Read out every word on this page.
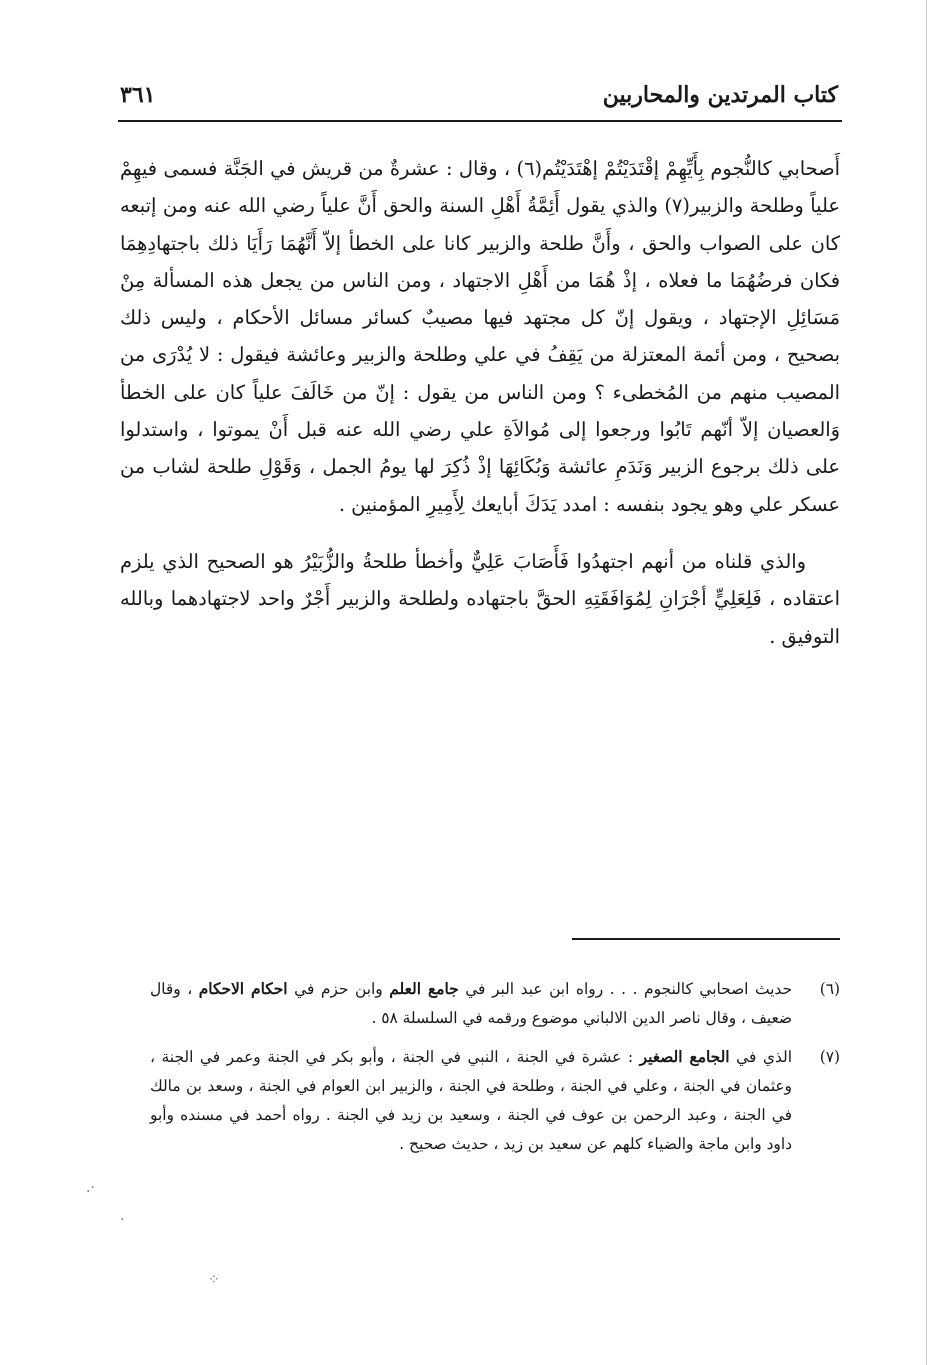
كتاب المرتدين والمحاربين
٣٦١

أَصحابي كالنُّجوم بِأَيِّهِمْ إقْتَدَيْتُمْ إهْتَدَيْتُم(٦) ، وقال : عشرةٌ من قريش في الجَنَّة فسمى فيهِمْ علياً وطلحة والزبير(٧) والذي يقول أَئِمَّةُ أَهْلِ السنة والحق أَنَّ علياً رضي الله عنه ومن إتبعه كان على الصواب والحق ، وأَنَّ طلحة والزبير كانا على الخطأ إلاّ أَنَّهُمَا رَأَيَا ذلك باجتهادِهِمَا فكان فرضُهُمَا ما فعلاه ، إذْ هُمَا من أَهْلِ الاجتهاد ، ومن الناس من يجعل هذه المسألة مِنْ مَسَائِلِ الإجتهاد ، ويقول إنّ كل مجتهد فيها مصيبٌ كسائر مسائل الأحكام ، وليس ذلك بصحيح ، ومن أئمة المعتزلة من يَقِفُ في علي وطلحة والزبير وعائشة فيقول : لا يُدْرَى من المصيب منهم من المُخطىء ؟ ومن الناس من يقول : إنّ من خَالَفَ علياً كان على الخطأ وَالعصيان إلاّ أنّهم تَابُوا ورجعوا إلى مُوالاَةِ علي رضي الله عنه قبل أَنْ يموتوا ، واستدلوا على ذلك برجوع الزبير وَنَدَمِ عائشة وَبُكَائِهَا إذْ ذُكِرَ لها يومُ الجمل ، وَقَوْلِ طلحة لشاب من عسكر علي وهو يجود بنفسه : امدد يَدَكَ أبايعك لِأَمِيرِ المؤمنين .

والذي قلناه من أنهم اجتهدُوا فَأَصَابَ عَلِيٌّ وأخطأ طلحةُ والزُّبَيْرُ هو الصحيح الذي يلزم اعتقاده ، فَلِعَلِيٍّ أجْرَانِ لِمُوَافَقَتِهِ الحقَّ باجتهاده ولطلحة والزبير أَجْرٌ واحد لاجتهادهما وبالله التوفيق .

(٦)
حديث اصحابي كالنجوم . . . رواه ابن عبد البر في جامع العلم وابن حزم في احكام الاحكام ، وقال ضعيف ، وقال ناصر الدين الالباني موضوع ورقمه في السلسلة ٥٨ .
(٧)
الذي في الجامع الصغير : عشرة في الجنة ، النبي في الجنة ، وأبو بكر في الجنة وعمر في الجنة ، وعثمان في الجنة ، وعلي في الجنة ، وطلحة في الجنة ، والزبير ابن العوام في الجنة ، وسعد بن مالك في الجنة ، وعبد الرحمن بن عوف في الجنة ، وسعيد بن زيد في الجنة . رواه أحمد في مسنده وأبو داود وابن ماجة والضياء كلهم عن سعيد بن زيد ، حديث صحيح .
·.
·
⁘
